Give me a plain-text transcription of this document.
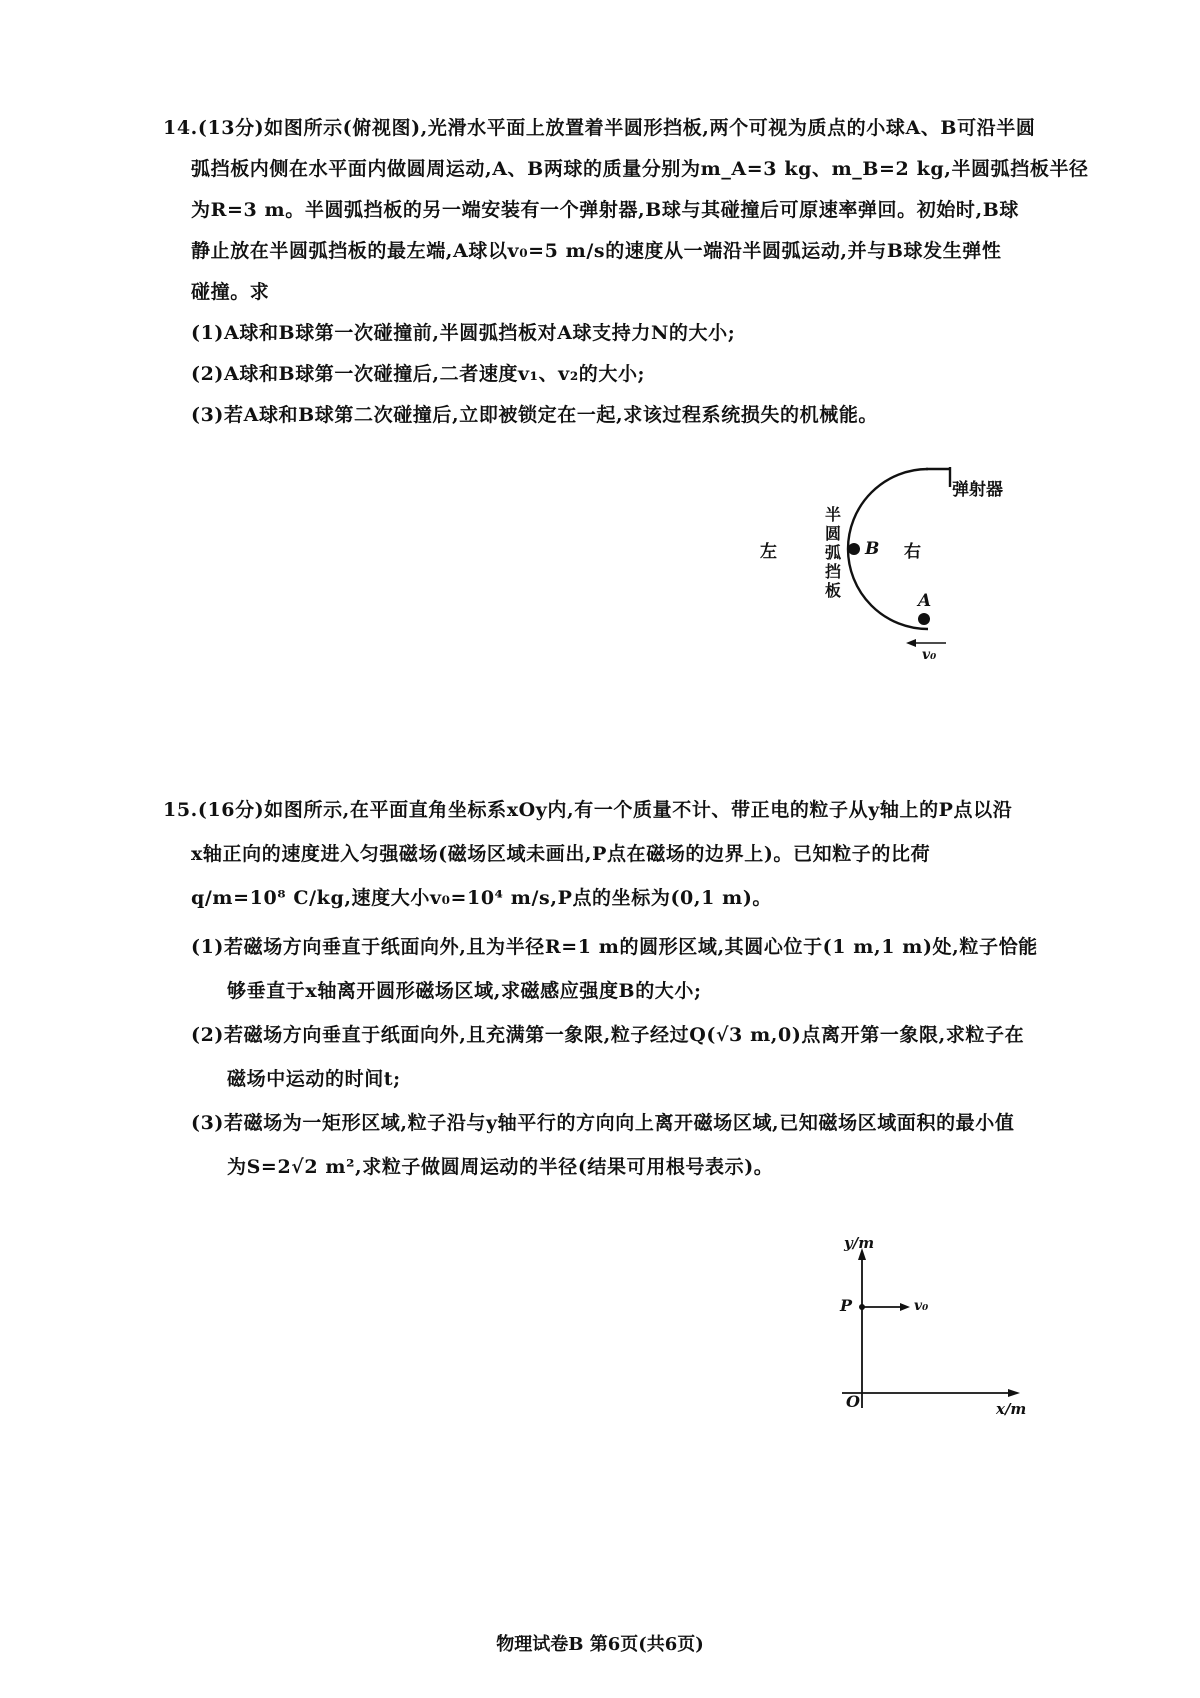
14.(13分)如图所示(俯视图),光滑水平面上放置着半圆形挡板,两个可视为质点的小球A、B可沿半圆
弧挡板内侧在水平面内做圆周运动,A、B两球的质量分别为m_A=3 kg、m_B=2 kg,半圆弧挡板半径
为R=3 m。半圆弧挡板的另一端安装有一个弹射器,B球与其碰撞后可原速率弹回。初始时,B球
静止放在半圆弧挡板的最左端,A球以v₀=5 m/s的速度从一端沿半圆弧运动,并与B球发生弹性
碰撞。求
(1)A球和B球第一次碰撞前,半圆弧挡板对A球支持力N的大小;
(2)A球和B球第一次碰撞后,二者速度v₁、v₂的大小;
(3)若A球和B球第二次碰撞后,立即被锁定在一起,求该过程系统损失的机械能。
弹射器
半圆弧挡板
左	右
B
A
v₀
15.(16分)如图所示,在平面直角坐标系xOy内,有一个质量不计、带正电的粒子从y轴上的P点以沿
x轴正向的速度进入匀强磁场(磁场区域未画出,P点在磁场的边界上)。已知粒子的比荷
q/m=10⁸ C/kg,速度大小v₀=10⁴ m/s,P点的坐标为(0,1 m)。
(1)若磁场方向垂直于纸面向外,且为半径R=1 m的圆形区域,其圆心位于(1 m,1 m)处,粒子恰能
够垂直于x轴离开圆形磁场区域,求磁感应强度B的大小;
(2)若磁场方向垂直于纸面向外,且充满第一象限,粒子经过Q(√3 m,0)点离开第一象限,求粒子在
磁场中运动的时间t;
(3)若磁场为一矩形区域,粒子沿与y轴平行的方向向上离开磁场区域,已知磁场区域面积的最小值
为S=2√2 m²,求粒子做圆周运动的半径(结果可用根号表示)。
y/m
x/m
O
P	v₀
物理试卷B 第6页(共6页)
